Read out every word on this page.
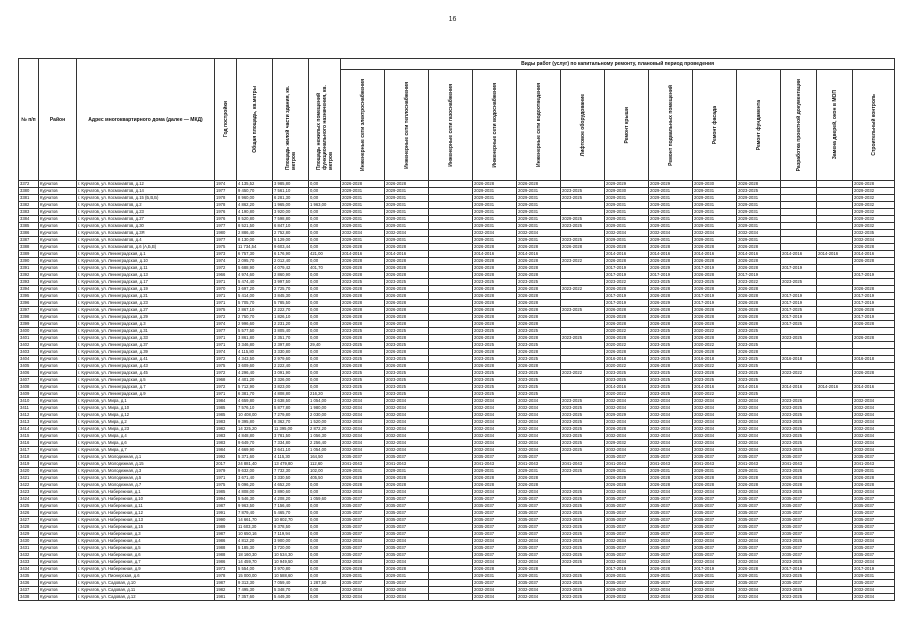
16
№ п/п	Район	Адрес многоквартирного дома (далее — МКД)	Год постройки	Общая площадь, кв.метры	Площадь жилой части здания, кв. метров	Площадь нежилых помещений функционального назначения, кв. метров	Виды работ (услуг) по капитальному ремонту, плановый период проведения												

							Инженерные сети электроснабжения	Инженерные сети теплоснабжения	Инженерные сети газоснабжения	Инженерные сети водоснабжения	Инженерные сети водоотведения	Лифтовое оборудование	Ремонт крыши	Ремонт подвальных помещений	Ремонт фасада	Ремонт фундамента	Разработка проектной документации	Замена дверей, окон в МОП	Строительный контроль

3372	Курчатов	г. Курчатов, ул. Космонавтов, д.12	1974	4 135,52	3 985,80	0,00	2026-2028	2026-2028		2026-2028	2026-2028		2029-2029	2029-2029	2029-2030	2026-2028			2026-2028
3380	Курчатов	г. Курчатов, ул. Космонавтов, д.14	1977	9 450,70	7 561,10	0,00	2029-2031	2029-2031		2029-2031	2029-2031	2023-2025	2029-2030	2029-2031	2029-2031	2023-2025			2029-2032
3381	Курчатов	г. Курчатов, ул. Космонавтов, д.15 (Б,В,Б)	1978	8 960,00	6 281,30	0,00	2029-2031	2029-2031		2029-2031	2029-2031	2023-2025	2029-2031	2029-2031	2029-2031	2029-2031			2029-2032
3382	Курчатов	г. Курчатов, ул. Космонавтов, д.2	1978	4 862,20	1 965,00	1 963,00	2029-2031	2029-2031		2029-2031	2029-2031		2029-2031	2029-2031	2029-2031	2029-2031			2029-2032
3383	Курчатов	г. Курчатов, ул. Космонавтов, д.23	1976	4 190,80	3 920,00	0,00	2029-2031	2029-2031		2029-2031	2029-2031		2029-2031	2029-2031	2029-2031	2029-2031			2029-2032
3384	Курчатов	г. Курчатов, ул. Космонавтов, д.27	1976	8 520,80	7 598,80	0,00	2029-2031	2029-2031		2029-2031	2029-2031	2029-2025	2029-2031	2029-2031	2029-2031	2029-2031			2029-2032
3385	Курчатов	г. Курчатов, ул. Космонавтов, д.30	1977	8 521,50	6 847,10	0,00	2029-2031	2029-2031		2029-2031	2029-2031	2023-2025	2029-2031	2029-2031	2029-2031	2029-2031			2029-2032
3386	Курчатов	г. Курчатов, ул. Космонавтов, д.3Я	1980	2 886,40	2 752,80	0,00	2032-2034	2032-2034		2032-2034	2032-2034		2032-2034	2032-2034	2032-2034	2032-2034			2032-2035
3387	Курчатов	г. Курчатов, ул. Космонавтов, д.4	1977	8 130,00	5 129,00	0,00	2029-2031	2029-2031		2029-2031	2029-2031	2023-2025	2029-2031	2029-2031	2029-2031	2029-2031			2032-2034
3388	Курчатов	г. Курчатов, ул. Космонавтов, д.6 (А,Б,В)	1975	11 734,54	9 603,44	0,00	2026-2028	2026-2028		2026-2028	2026-2028	2026-2028	2026-2028	2026-2028	2026-2028	2026-2028			2026-2028
3389	Курчатов	г. Курчатов, ул. Ленинградская, д.1	1973	6 757,30	6 176,90	421,00	2014-2016	2014-2016		2014-2016	2014-2016		2014-2016	2014-2016	2014-2016	2014-2016	2014-2016	2014-2016	2014-2016
3390	Курчатов	г. Курчатов, ул. Ленинградская, д.10	1974	2 095,70	2 012,40	0,00	2026-2028	2026-2028		2026-2028	2026-2028	2023-2022	2026-2028	2026-2028	2026-2028	2026-2028			2026-2028
3391	Курчатов	г. Курчатов, ул. Ленинградская, д.11	1972	5 688,90	4 079,42	401,70	2026-2028	2026-2028		2026-2028	2026-2028		2017-2019	2026-2029	2017-2019	2026-2028	2017-2019		
3392	Курчатов	г. Курчатов, ул. Ленинградская, д.13	1966	4 974,60	2 860,90	0,00	2026-2028	2026-2028		2026-2028	2026-2028		2017-2019	2017-2019	2026-2028	2017-2019			2017-2019
3393	Курчатов	г. Курчатов, ул. Ленинградская, д.17	1971	5 474,40	3 997,50	0,00	2023-2025	2023-2025		2023-2025	2023-2025		2023-2022	2023-2025	2023-2025	2023-2022	2023-2025		
3394	Курчатов	г. Курчатов, ул. Ленинградская, д.19	1970	3 697,20	2 725,70	0,00	2026-2028	2026-2028		2026-2028	2026-2028	2023-2022	2026-2028	2026-2028	2026-2028	2026-2028			2026-2028
3395	Курчатов	г. Курчатов, ул. Ленинградская, д.21	1971	5 414,00	3 845,30	0,00	2026-2028	2026-2028		2026-2028	2026-2028		2017-2019	2026-2028	2017-2019	2026-2028	2017-2019		2017-2019
3396	Курчатов	г. Курчатов, ул. Ленинградская, д.23	1971	5 705,70	5 785,50	0,00	2026-2028	2026-2028		2026-2028	2026-2028		2017-2019	2026-2029	2017-2019	2026-2028	2017-2019		2017-2019
3397	Курчатов	г. Курчатов, ул. Ленинградская, д.27	1975	2 867,10	2 222,70	0,00	2026-2028	2026-2028		2026-2028	2026-2028	2023-2025	2026-2028	2026-2028	2026-2028	2026-2028	2017-2025		2026-2028
3398	Курчатов	г. Курчатов, ул. Ленинградская, д.29	1972	2 750,70	1 826,10	0,00	2026-2028	2026-2028		2026-2028	2026-2028		2026-2028	2026-2028	2026-2028	2026-2028	2017-2019		2017-2019
3399	Курчатов	г. Курчатов, ул. Ленинградская, д.3	1974	2 996,60	2 231,20	0,00	2026-2028	2026-2028		2026-2028	2026-2028		2026-2028	2026-2028	2026-2028	2026-2028	2017-2025		2026-2028
3400	Курчатов	г. Курчатов, ул. Ленинградская, д.31	1977	5 577,50	3 805,40	0,00	2023-2025	2023-2025		2023-2025	2023-2025		2020-2022	2023-2025	2020-2022	2023-2025			
3401	Курчатов	г. Курчатов, ул. Ленинградская, д.33	1971	3 861,80	2 351,70	0,00	2026-2028	2026-2028		2026-2028	2026-2028	2023-2025	2026-2028	2026-2028	2026-2028	2026-2028	2023-2025		2026-2028
3402	Курчатов	г. Курчатов, ул. Ленинградская, д.37	1971	3 346,80	2 397,80	29,40	2023-2025	2023-2025		2023-2025	2023-2025		2020-2022	2023-2025	2020-2022	2023-2025			
3403	Курчатов	г. Курчатов, ул. Ленинградская, д.39	1974	4 115,80	3 330,80	0,00	2026-2028	2026-2028		2026-2028	2026-2028		2026-2028	2026-2028	2026-2028	2026-2028			
3404	Курчатов	г. Курчатов, ул. Ленинградская, д.41	1972	4 343,50	2 979,60	0,00	2023-2025	2023-2025		2023-2025	2023-2025		2016-2018	2023-2025	2016-2018	2023-2025	2016-2018		2016-2018
3405	Курчатов	г. Курчатов, ул. Ленинградская, д.43	1975	3 609,60	2 222,40	0,00	2026-2028	2026-2028		2026-2028	2026-2028		2020-2022	2026-2028	2020-2022	2023-2025			
3406	Курчатов	г. Курчатов, ул. Ленинградская, д.45	1972	4 296,40	3 091,90	0,00	2023-2025	2023-2025		2023-2025	2023-2025	2023-2022	2023-2025	2023-2025	2023-2028	2023-2025	2023-2022		2026-2028
3407	Курчатов	г. Курчатов, ул. Ленинградская, д.5	1968	4 401,20	3 326,00	0,00	2023-2025	2023-2025		2023-2025	2023-2025		2023-2025	2023-2025	2023-2025	2023-2025			
3408	Курчатов	г. Курчатов, ул. Ленинградская, д.7	1972	5 712,90	3 823,00	0,00	2023-2025	2023-2025		2023-2025	2023-2025		2014-2016	2023-2025	2014-2016	2014-2016	2014-2016	2014-2016	2014-2016
3409	Курчатов	г. Курчатов, ул. Ленинградская, д.9	1971	6 381,70	4 808,80	216,20	2023-2025	2023-2025		2023-2025	2023-2025		2020-2022	2023-2025	2020-2022	2023-2025			
3410	Курчатов	г. Курчатов, ул. Мира, д.1	1984	4 659,80	3 638,50	1 054,00	2032-2034	2032-2034		2032-2034	2032-2034	2023-2025	2032-2034	2032-2034	2032-2034	2032-2034	2023-2025		2032-2034
3411	Курчатов	г. Курчатов, ул. Мира, д.10	1985	7 576,10	5 877,80	1 980,00	2032-2034	2032-2034		2032-2034	2032-2034	2023-2025	2032-2034	2032-2034	2032-2034	2032-2034	2023-2025		2032-2034
3412	Курчатов	г. Курчатов, ул. Мира, д.12	1985	10 408,00	7 279,80	2 030,00	2032-2034	2032-2034		2032-2034	2032-2034	2023-2025	2029-2029	2032-2034	2032-2034	2032-2034	2023-2025		2032-2034
3413	Курчатов	г. Курчатов, ул. Мира, д.2	1983	9 395,80	8 362,70	1 520,00	2032-2034	2032-2034		2032-2034	2032-2034	2023-2025	2032-2034	2032-2034	2032-2034	2032-2034	2023-2025		2032-2034
3414	Курчатов	г. Курчатов, ул. Мира, д.23	1982	14 325,20	11 395,00	2 872,20	2032-2034	2032-2034		2032-2034	2032-2034	2023-2025	2026-2028	2032-2034	2032-2034	2032-2034	2023-2025		2032-2034
3415	Курчатов	г. Курчатов, ул. Мира, д.4	1983	4 848,80	3 781,50	1 056,30	2032-2034	2032-2034		2032-2034	2032-2034	2023-2025	2032-2034	2032-2034	2032-2034	2032-2034	2023-2025		2032-2034
3416	Курчатов	г. Курчатов, ул. Мира, д.6	1983	9 649,70	7 334,80	2 256,40	2032-2034	2032-2034		2032-2034	2032-2034	2023-2025	2029-2032	2032-2034	2032-2034	2032-2034	2023-2025		2032-2034
3417	Курчатов	г. Курчатов, ул. Мира, д.7	1984	4 669,90	3 641,10	1 054,00	2032-2034	2032-2034		2032-2034	2032-2034	2023-2025	2032-2034	2032-2034	2032-2034	2032-2034	2023-2025		2032-2034
3418	Курчатов	г. Курчатов, ул. Молодежная, д.1	1992	5 371,60	4 115,30	164,50	2035-2037	2035-2037		2035-2037	2035-2037		2035-2037	2035-2037	2035-2037	2035-2037	2035-2037		2035-2037
3419	Курчатов	г. Курчатов, ул. Молодежная, д.15	2017	24 881,40	13 479,80	112,60	2041-2043	2041-2043		2041-2043	2041-2043	2041-2043	2041-2043	2041-2043	2041-2043	2041-2043	2041-2043		2041-2043
3420	Курчатов	г. Курчатов, ул. Молодежная, д.3	1979	9 632,00	7 732,30	102,00	2029-2031	2029-2031		2029-2031	2029-2031	2023-2025	2029-2031	2029-2031	2029-2031	2029-2031	2023-2025		2029-2031
3421	Курчатов	г. Курчатов, ул. Молодежная, д.5	1971	3 671,40	3 330,50	405,50	2026-2028	2026-2028		2026-2028	2026-2028		2026-2029	2026-2028	2026-2028	2026-2028	2026-2028		2026-2028
3422	Курчатов	г. Курчатов, ул. Молодежная, д.7	1975	5 096,20	4 652,20	0,00	2026-2028	2026-2028		2026-2028	2026-2028		2026-2028	2026-2028	2026-2028	2026-2028	2026-2028		2026-2028
3423	Курчатов	г. Курчатов, ул. Набережная, д.1	1985	4 808,00	3 890,60	0,00	2032-2034	2032-2034		2032-2034	2032-2034	2023-2025	2032-2034	2032-2034	2032-2034	2032-2034	2023-2025		2032-2034
3424	Курчатов	г. Курчатов, ул. Набережная, д.10	1994	5 546,30	4 208,20	1 059,60	2035-2037	2035-2037		2035-2037	2035-2037	2023-2025	2035-2037	2035-2037	2035-2037	2035-2037	2035-2037		2035-2037
3425	Курчатов	г. Курчатов, ул. Набережная, д.11	1987	9 963,50	7 156,40	0,00	2035-2037	2035-2037		2035-2037	2035-2037	2023-2025	2035-2037	2035-2037	2035-2037	2035-2037	2035-2037		2035-2037
3426	Курчатов	г. Курчатов, ул. Набережная, д.12	1991	7 879,40	5 465,70	0,00	2035-2037	2035-2037		2035-2037	2035-2037	2023-2025	2035-2037	2035-2037	2035-2037	2035-2037	2035-2037		2035-2037
3427	Курчатов	г. Курчатов, ул. Набережная, д.13	1990	14 661,70	10 802,70	0,00	2035-2037	2035-2037		2035-2037	2035-2037	2023-2025	2035-2037	2035-2037	2035-2037	2035-2037	2035-2037		2035-2037
3428	Курчатов	г. Курчатов, ул. Набережная, д.15	1989	11 603,30	9 378,50	0,00	2035-2037	2035-2037		2035-2037	2035-2037	2023-2025	2035-2037	2035-2037	2035-2037	2035-2037	2035-2037		2035-2037
3429	Курчатов	г. Курчатов, ул. Набережная, д.3	1987	10 650,16	7 119,94	0,00	2035-2037	2035-2037		2035-2037	2035-2037	2023-2025	2035-2037	2035-2037	2035-2037	2035-2037	2035-2037		2035-2037
3430	Курчатов	г. Курчатов, ул. Набережная, д.4	1986	4 812,20	3 900,00	0,00	2032-2034	2032-2034		2032-2034	2032-2034	2023-2025	2032-2034	2032-2034	2032-2034	2032-2034	2023-2025		2032-2034
3431	Курчатов	г. Курчатов, ул. Набережная, д.5	1988	5 185,30	3 720,00	0,00	2035-2037	2035-2037		2035-2037	2035-2037	2023-2025	2035-2037	2035-2037	2035-2037	2035-2037	2035-2037		2035-2037
3432	Курчатов	г. Курчатов, ул. Набережная, д.6	1988	18 160,30	10 534,30	0,00	2035-2037	2035-2037		2035-2037	2035-2037	2023-2025	2035-2037	2035-2037	2035-2037	2035-2037	2035-2037		2035-2037
3433	Курчатов	г. Курчатов, ул. Набережная, д.7	1986	14 459,70	10 949,50	0,00	2032-2034	2032-2034		2032-2034	2032-2034	2023-2025	2032-2034	2032-2034	2032-2034	2032-2034	2023-2025		2032-2034
3434	Курчатов	г. Курчатов, ул. Набережная, д.9	1973	5 554,00	3 970,80	0,00	2026-2028	2026-2028		2026-2028	2026-2028		2017-2019	2026-2028	2017-2019	2026-2028	2017-2019		2017-2019
3435	Курчатов	г. Курчатов, ул. Пионерская, д.6	1978	15 000,00	10 588,60	0,00	2029-2031	2029-2031		2029-2031	2029-2031	2023-2025	2029-2031	2029-2031	2029-2031	2029-2031	2023-2025		2029-2031
3436	Курчатов	г. Курчатов, ул. Садовая, д.10	1987	9 313,30	7 059,40	1 287,50	2035-2037	2035-2037		2035-2037	2035-2037	2023-2025	2035-2037	2035-2037	2035-2037	2035-2037	2035-2037		2035-2037
3437	Курчатов	г. Курчатов, ул. Садовая, д.11	1982	7 495,30	5 348,70	0,00	2032-2034	2032-2034		2032-2034	2032-2034	2023-2025	2029-2032	2032-2034	2032-2034	2032-2034	2023-2025		2032-2034
3438	Курчатов	г. Курчатов, ул. Садовая, д.12	1981	7 357,60	5 449,30	0,00	2032-2034	2032-2034		2032-2034	2032-2034	2023-2025	2029-2032	2032-2034	2032-2034	2032-2034	2023-2025		2032-2034
